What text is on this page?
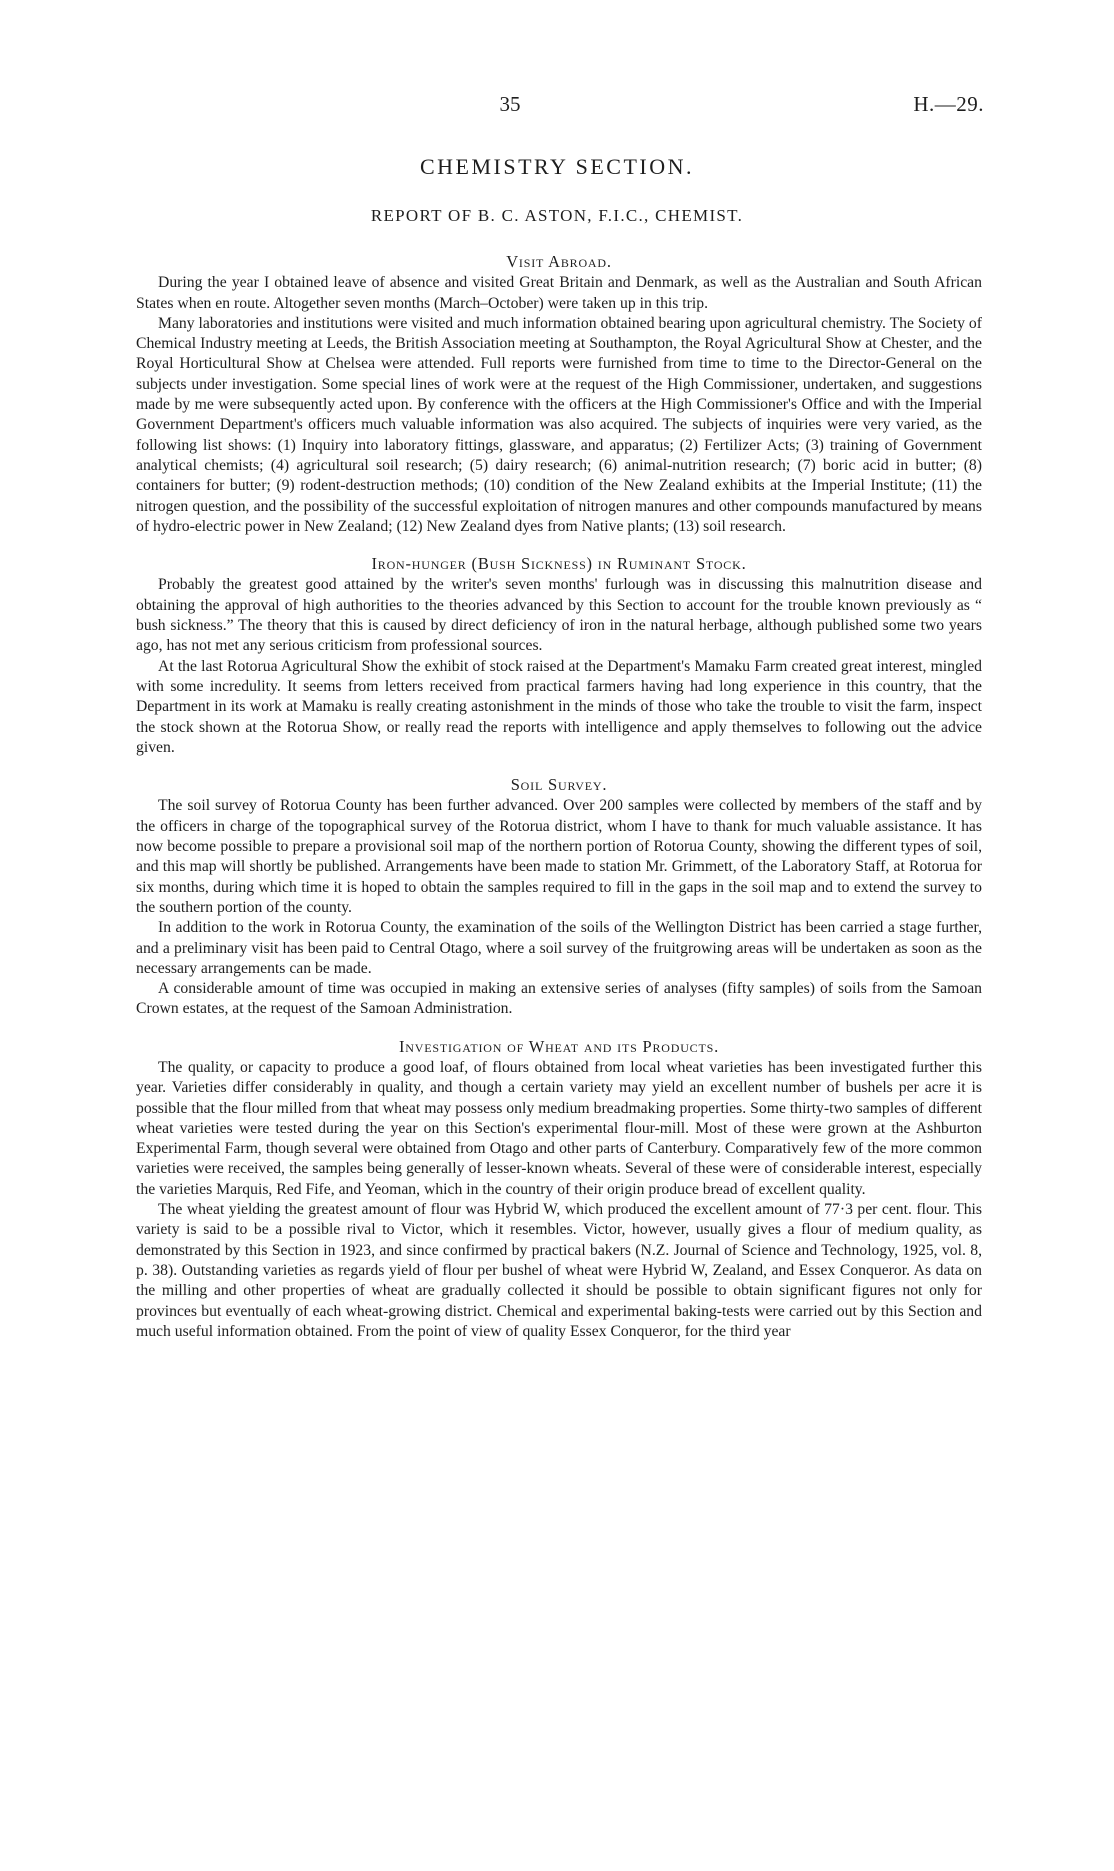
35	H.—29.
CHEMISTRY SECTION.
REPORT OF B. C. ASTON, F.I.C., CHEMIST.
Visit Abroad.

During the year I obtained leave of absence and visited Great Britain and Denmark, as well as the Australian and South African States when en route. Altogether seven months (March–October) were taken up in this trip.

Many laboratories and institutions were visited and much information obtained bearing upon agricultural chemistry. The Society of Chemical Industry meeting at Leeds, the British Association meeting at Southampton, the Royal Agricultural Show at Chester, and the Royal Horticultural Show at Chelsea were attended. Full reports were furnished from time to time to the Director-General on the subjects under investigation. Some special lines of work were at the request of the High Commissioner, undertaken, and suggestions made by me were subsequently acted upon. By conference with the officers at the High Commissioner's Office and with the Imperial Government Department's officers much valuable information was also acquired. The subjects of inquiries were very varied, as the following list shows: (1) Inquiry into laboratory fittings, glassware, and apparatus; (2) Fertilizer Acts; (3) training of Government analytical chemists; (4) agricultural soil research; (5) dairy research; (6) animal-nutrition research; (7) boric acid in butter; (8) containers for butter; (9) rodent-destruction methods; (10) condition of the New Zealand exhibits at the Imperial Institute; (11) the nitrogen question, and the possibility of the successful exploitation of nitrogen manures and other compounds manufactured by means of hydro-electric power in New Zealand; (12) New Zealand dyes from Native plants; (13) soil research.

Iron-hunger (Bush Sickness) in Ruminant Stock.

Probably the greatest good attained by the writer's seven months' furlough was in discussing this malnutrition disease and obtaining the approval of high authorities to the theories advanced by this Section to account for the trouble known previously as “ bush sickness.” The theory that this is caused by direct deficiency of iron in the natural herbage, although published some two years ago, has not met any serious criticism from professional sources.

At the last Rotorua Agricultural Show the exhibit of stock raised at the Department's Mamaku Farm created great interest, mingled with some incredulity. It seems from letters received from practical farmers having had long experience in this country, that the Department in its work at Mamaku is really creating astonishment in the minds of those who take the trouble to visit the farm, inspect the stock shown at the Rotorua Show, or really read the reports with intelligence and apply themselves to following out the advice given.

Soil Survey.

The soil survey of Rotorua County has been further advanced. Over 200 samples were collected by members of the staff and by the officers in charge of the topographical survey of the Rotorua district, whom I have to thank for much valuable assistance. It has now become possible to prepare a provisional soil map of the northern portion of Rotorua County, showing the different types of soil, and this map will shortly be published. Arrangements have been made to station Mr. Grimmett, of the Laboratory Staff, at Rotorua for six months, during which time it is hoped to obtain the samples required to fill in the gaps in the soil map and to extend the survey to the southern portion of the county.

In addition to the work in Rotorua County, the examination of the soils of the Wellington District has been carried a stage further, and a preliminary visit has been paid to Central Otago, where a soil survey of the fruitgrowing areas will be undertaken as soon as the necessary arrangements can be made.

A considerable amount of time was occupied in making an extensive series of analyses (fifty samples) of soils from the Samoan Crown estates, at the request of the Samoan Administration.

Investigation of Wheat and its Products.

The quality, or capacity to produce a good loaf, of flours obtained from local wheat varieties has been investigated further this year. Varieties differ considerably in quality, and though a certain variety may yield an excellent number of bushels per acre it is possible that the flour milled from that wheat may possess only medium breadmaking properties. Some thirty-two samples of different wheat varieties were tested during the year on this Section's experimental flour-mill. Most of these were grown at the Ashburton Experimental Farm, though several were obtained from Otago and other parts of Canterbury. Comparatively few of the more common varieties were received, the samples being generally of lesser-known wheats. Several of these were of considerable interest, especially the varieties Marquis, Red Fife, and Yeoman, which in the country of their origin produce bread of excellent quality.

The wheat yielding the greatest amount of flour was Hybrid W, which produced the excellent amount of 77·3 per cent. flour. This variety is said to be a possible rival to Victor, which it resembles. Victor, however, usually gives a flour of medium quality, as demonstrated by this Section in 1923, and since confirmed by practical bakers (N.Z. Journal of Science and Technology, 1925, vol. 8, p. 38). Outstanding varieties as regards yield of flour per bushel of wheat were Hybrid W, Zealand, and Essex Conqueror. As data on the milling and other properties of wheat are gradually collected it should be possible to obtain significant figures not only for provinces but eventually of each wheat-growing district. Chemical and experimental baking-tests were carried out by this Section and much useful information obtained. From the point of view of quality Essex Conqueror, for the third year
